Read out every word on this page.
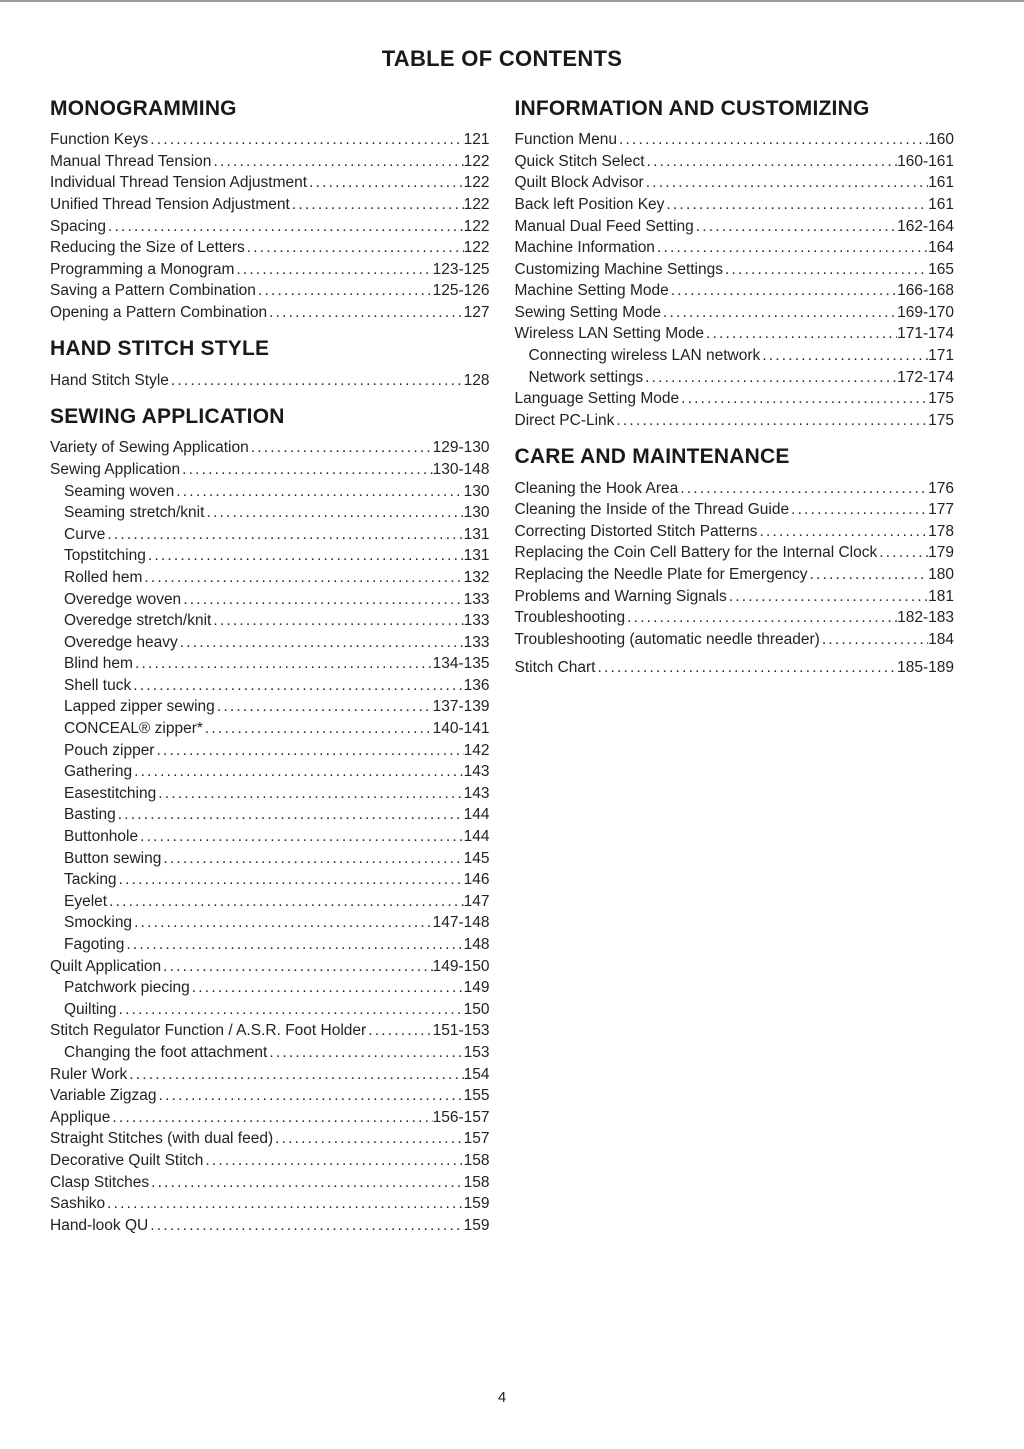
TABLE OF CONTENTS
MONOGRAMMING
Function Keys .....	121
Manual Thread Tension .....	122
Individual Thread Tension Adjustment .....	122
Unified Thread Tension Adjustment .....	122
Spacing .....	122
Reducing the Size of Letters .....	122
Programming a Monogram .....	123-125
Saving a Pattern Combination .....	125-126
Opening a Pattern Combination .....	127
HAND STITCH STYLE
Hand Stitch Style .....	128
SEWING APPLICATION
Variety of Sewing Application .....	129-130
Sewing Application .....	130-148
Seaming woven .....	130
Seaming stretch/knit .....	130
Curve .....	131
Topstitching .....	131
Rolled hem .....	132
Overedge woven .....	133
Overedge stretch/knit .....	133
Overedge heavy .....	133
Blind hem .....	134-135
Shell tuck .....	136
Lapped zipper sewing .....	137-139
CONCEAL® zipper* .....	140-141
Pouch zipper .....	142
Gathering .....	143
Easestitching .....	143
Basting .....	144
Buttonhole .....	144
Button sewing .....	145
Tacking .....	146
Eyelet .....	147
Smocking .....	147-148
Fagoting .....	148
Quilt Application .....	149-150
Patchwork piecing .....	149
Quilting .....	150
Stitch Regulator Function / A.S.R. Foot Holder .....	151-153
Changing the foot attachment .....	153
Ruler Work .....	154
Variable Zigzag .....	155
Applique .....	156-157
Straight Stitches (with dual feed) .....	157
Decorative Quilt Stitch .....	158
Clasp Stitches .....	158
Sashiko .....	159
Hand-look QU .....	159
INFORMATION AND CUSTOMIZING
Function Menu .....	160
Quick Stitch Select .....	160-161
Quilt Block Advisor .....	161
Back left Position Key .....	161
Manual Dual Feed Setting .....	162-164
Machine Information .....	164
Customizing Machine Settings .....	165
Machine Setting Mode .....	166-168
Sewing Setting Mode .....	169-170
Wireless LAN Setting Mode .....	171-174
Connecting wireless LAN network .....	171
Network settings .....	172-174
Language Setting Mode .....	175
Direct PC-Link .....	175
CARE AND MAINTENANCE
Cleaning the Hook Area .....	176
Cleaning the Inside of the Thread Guide .....	177
Correcting Distorted Stitch Patterns .....	178
Replacing the Coin Cell Battery for the Internal Clock .....	179
Replacing the Needle Plate for Emergency .....	180
Problems and Warning Signals .....	181
Troubleshooting .....	182-183
Troubleshooting (automatic needle threader) .....	184
Stitch Chart .....	185-189
4
